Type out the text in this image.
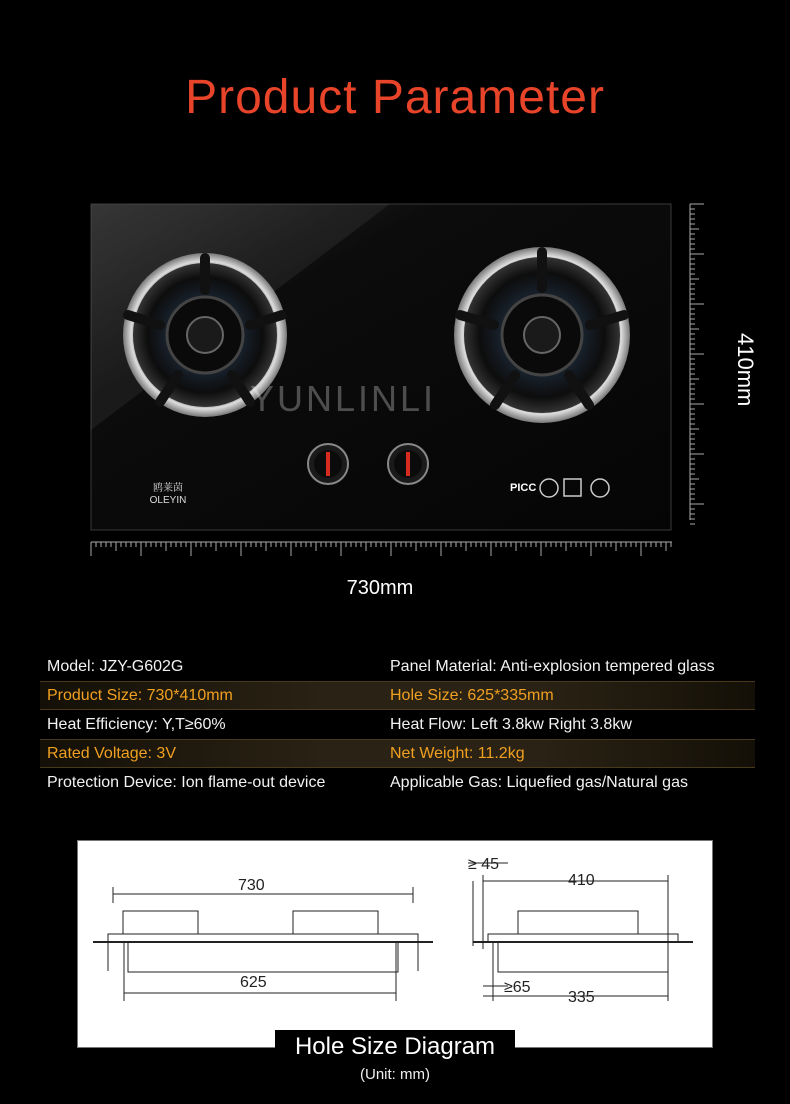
Product Parameter
鸥莱茵
OLEYIN
PICC
YUNLINLI	410mm
730mm
Model: JZY-G602G	Panel Material: Anti-explosion tempered glass
Product Size: 730*410mm	Hole Size: 625*335mm
Heat Efficiency: Y,T≥60%	Heat Flow: Left 3.8kw Right 3.8kw
Rated Voltage: 3V	Net Weight: 11.2kg
Protection Device: Ion flame-out device	Applicable Gas: Liquefied gas/Natural gas
730
625
≥ 45
410
≥65
335
Hole Size Diagram
(Unit: mm)
